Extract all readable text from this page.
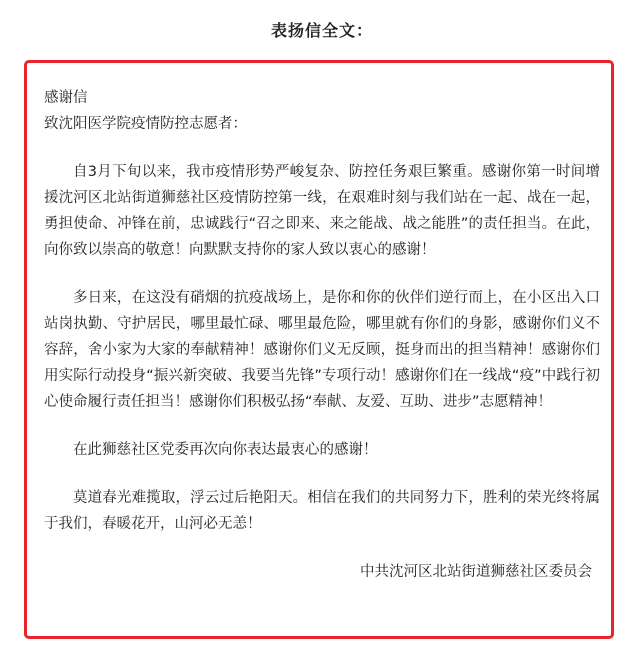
表扬信全文：

感谢信

致沈阳医学院疫情防控志愿者：

自3月下旬以来，我市疫情形势严峻复杂、防控任务艰巨繁重。感谢你第一时间增援沈河区北站街道狮慈社区疫情防控第一线，在艰难时刻与我们站在一起、战在一起，勇担使命、冲锋在前，忠诚践行“召之即来、来之能战、战之能胜”的责任担当。在此，向你致以崇高的敬意！向默默支持你的家人致以衷心的感谢！

多日来，在这没有硝烟的抗疫战场上，是你和你的伙伴们逆行而上，在小区出入口站岗执勤、守护居民，哪里最忙碌、哪里最危险，哪里就有你们的身影，感谢你们义不容辞，舍小家为大家的奉献精神！感谢你们义无反顾，挺身而出的担当精神！感谢你们用实际行动投身“振兴新突破、我要当先锋”专项行动！感谢你们在一线战“疫”中践行初心使命履行责任担当！感谢你们积极弘扬“奉献、友爱、互助、进步”志愿精神！

在此狮慈社区党委再次向你表达最衷心的感谢！

莫道春光难揽取，浮云过后艳阳天。相信在我们的共同努力下，胜利的荣光终将属于我们，春暖花开，山河必无恙！

中共沈河区北站街道狮慈社区委员会
